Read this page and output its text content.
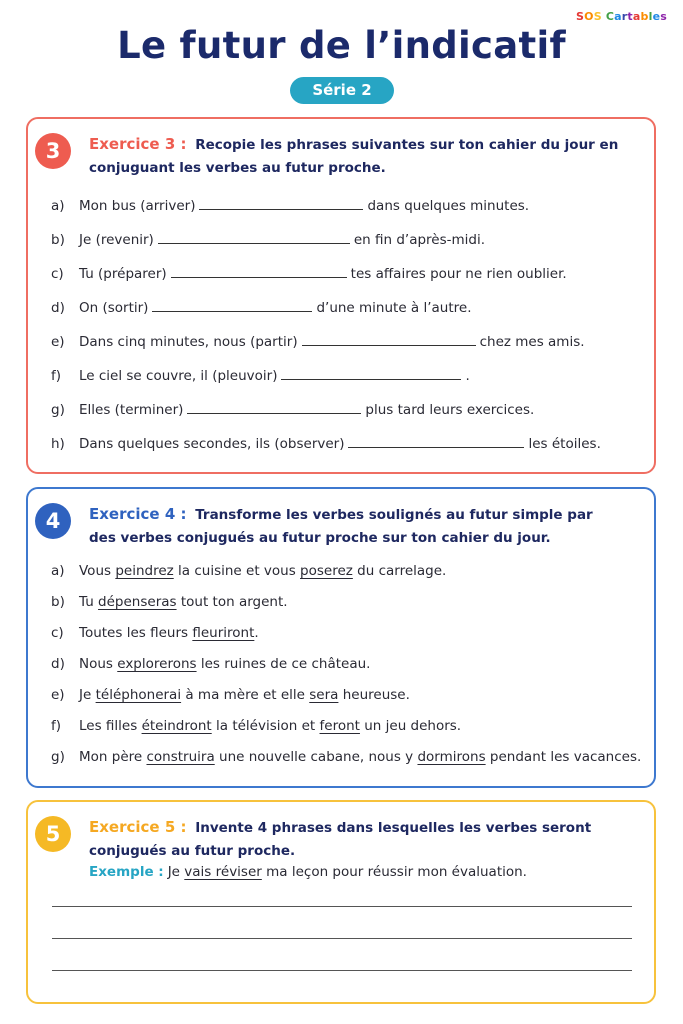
SOS Cartables
Le futur de l’indicatif
Série 2
3	Exercice 3 : Recopie les phrases suivantes sur ton cahier du jour en conjuguant les verbes au futur proche.
a) Mon bus (arriver)	dans quelques minutes.
b) Je (revenir)	en fin d’après-midi.
c) Tu (préparer)	tes affaires pour ne rien oublier.
d) On (sortir)	d’une minute à l’autre.
e) Dans cinq minutes, nous (partir)	chez mes amis.
f) Le ciel se couvre, il (pleuvoir)	.
g) Elles (terminer)	plus tard leurs exercices.
h) Dans quelques secondes, ils (observer)	les étoiles.
4	Exercice 4 : Transforme les verbes soulignés au futur simple par des verbes conjugués au futur proche sur ton cahier du jour.
a) Vous peindrez la cuisine et vous poserez du carrelage.
b) Tu dépenseras tout ton argent.
c) Toutes les fleurs fleuriront.
d) Nous explorerons les ruines de ce château.
e) Je téléphonerai à ma mère et elle sera heureuse.
f) Les filles éteindront la télévision et feront un jeu dehors.
g) Mon père construira une nouvelle cabane, nous y dormirons pendant les vacances.
5	Exercice 5 : Invente 4 phrases dans lesquelles les verbes seront conjugués au futur proche.
Exemple : Je vais réviser ma leçon pour réussir mon évaluation.
